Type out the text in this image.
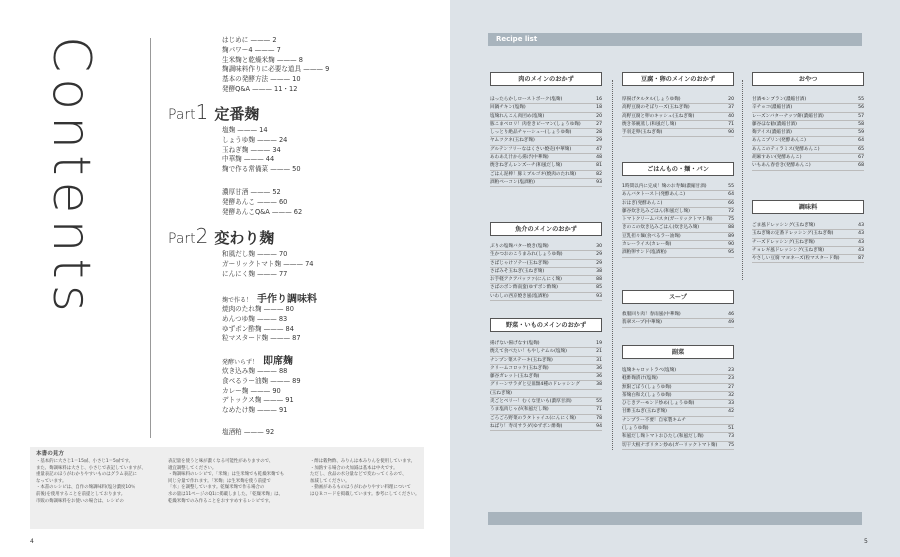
Contents	はじめに ——— 2
麹パワー4 ——— 7
生米麹と乾燥米麹 ——— 8
麹調味料作りに必要な道具 ——— 9
基本の発酵方法 ——— 10
発酵Q&A ——— 11・12
Part1 定番麹
塩麹 ——— 14
しょうゆ麹 ——— 24
玉ねぎ麹 ——— 34
中華麹 ——— 44
麹で作る常備菜 ——— 50
濃厚甘酒 ——— 52
発酵あんこ ——— 60
発酵あんこQ&A ——— 62
Part2 変わり麹
和風だし麹 ——— 70
ガーリックトマト麹 ——— 74
にんにく麹 ——— 77
麹で作る！ 手作り調味料
焼肉のたれ麹 ——— 80
めんつゆ麹 ——— 83
ゆずポン酢麹 ——— 84
粒マスタード麹 ——— 87
発酵いらず！ 即席麹
炊き込み麹 ——— 88
食べるラー油麹 ——— 89
カレー麹 ——— 90
デトックス麹 ——— 91
なめたけ麹 ——— 91
塩酒粕 ——— 92
本書の見方
・基本的に大さじ1＝15㎖、小さじ1＝5㎖です。
また、麹調味料は大さじ、小さじで表記していますが、
重量表記のほうがわかりやすいものはグラム表記に
なっています。
・本書のレシピは、自作の麹調味料(塩分濃度10％
前後)を使用することを前提としております。
市販の麹調味料をお使いの場合は、レシピの
表記量を使うと味が濃くなる可能性がありますので、
適宜調整してください。
・麹調味料のレシピで、「米麹」は生米麹でも乾燥米麹でも
同じ分量で作れます。「米麹」は生米麹を使う前提で
「水」を調整しています。乾燥米麹で作る場合の
水の量は11ページのQ1に掲載しました。「乾燥米麹」は、
乾燥米麹でのみ作ることをおすすめするレシピです。
・酢は穀物酢、みりんは本みりんを使用しています。
・加熱する場合の火加減は基本は中火です。
ただし、食品の水分量などで変わってくるので、
加減してください。
・動画があるものはうがわかりやすい料理について
はＱＲコードを掲載しています。参考にしてください。
4
Recipe list
肉のメインのおかず
ほったらかしローストポーク(塩麹)	16
回鍋チキン(塩麹)	18
塩麹れんこん肉団め(塩麹)	20
豚こまベロリ！肉巻きピーマン(しょうゆ麹)	27
しっとり絶品チャーシュー(しょうゆ麹)	28
ヤムツクネ(玉ねぎ麹)	29
グルテンフリーなはくさい焼売(中華麹)	47
あわあえ汁から揚げ(中華麹)	48
焼きねぎんレンズーチ(和風だし麹)	81
ごはん泥棒！豚ミブルゴギ(焼肉のたれ麹)	82
酒粕ベーコン(塩酒粕)	93
魚介のメインのおかず
ぶりの塩麹バター焼き(塩麹)	30
生かつおのこうまみれ(しょうゆ麹)	29
さばじゃけソテー(玉ねぎ麹)	29
さばみそ玉ねぎ(玉ねぎ麹)	38
お手軽アクアパッツァ(にんにく麹)	88
さばのポン酢南蛮(ゆずポン酢麹)	85
いわしの西京焼き風(塩酒粕)	93
野菜・いものメインのおかず
揚げない揚げなす(塩麹)	19
焼えて食べたい！もやしナムル(塩麹)	21
ナンプン菜ステーキ(玉ねぎ麹)	31
クリームコロッケ(玉ねぎ麹)	36
藤谷ガレット(玉ねぎ麹)	36
グリーンサラダと豆皿類4種のドレッシング	38
(玉ねぎ麹)
炎ごとベリー！むくな里いも(濃厚甘酒)	55
うま塩肉じゃが(和風だし麹)	71
ごろごろ野菜のラタトゥイユ(にんにく麹)	78
ねばり！寿司サラダ(ゆずポン酢麹)	94
豆腐・卵のメインのおかず
厚揚げタルタル(しょうゆ麹)	20
高野豆腐のそぼりーズ(玉ねぎ麹)	37
高野豆腐と卵のキッシュ(玉ねぎ麹)	40
焼き茶碗蒸し(和風だし麹)	71
手羽走卵(玉ねぎ麹)	90
ごはんもの・麺・パン
1時間以内に完成！麹のお寿麺(濃縮甘酒)	55
あんバタトースト(発酵あんこ)	64
おはぎ(発酵あんこ)	66
藤谷炊き込みごはん(和風だし麹)	72
トマトクリームパスタ(ガーリックトマト麹)	75
きのこの炊き込みごはん(炊き込み麹)	88
豆乳担々麺(食べるラー油麹)	89
カレーライス(カレー麹)	90
酒粕卵サンド(塩酒粕)	95
スープ
救服回り肉！春雨風(中華麹)	46
翡翠スープ(中華麹)	49
副菜
塩麹キャロットラペ(塩麹)	23
軽酢麹漬け(塩麹)	23
無限ごぼう(しょうゆ麹)	27
茶麹白和え(しょうゆ麹)	32
ひじきアーモンド炒め(しょうゆ麹)	33
甘酢玉ねぎ(玉ねぎ麹)	42
ナンプラー不要！自家製キムチ
(しょうゆ麹)	51
和風だし麹トマトおひたし(和風だし麹)	73
切干大根ナポリタン炒め(ガーリックトマト麹) 75
おやつ
甘酒モンブラン(濃縮甘酒)	55
辛チョコ(濃縮甘酒)	56
レーズンバターナッツ餅(濃縮甘酒)	57
藤谷ほな勧(濃縮甘酒)	58
麹アイス(濃縮甘酒)	59
あんこプリン(発酵あんこ)	64
あんこのティラミス(発酵あんこ)	65
胡麻すあい(発酵あんこ)	67
いもあん春巻き(発酵あんこ)	68
調味料
ごま風ドレッシング(玉ねぎ麹)	43
玉ねぎ麹の定番ドレッシング(玉ねぎ麹)	43
チーズドレッシング(玉ねぎ麹)	43
チョレギ風ドレッシング(玉ねぎ麹)	43
やさしい豆腐 マヨネーズ(粒マスタード麹)	87
5
